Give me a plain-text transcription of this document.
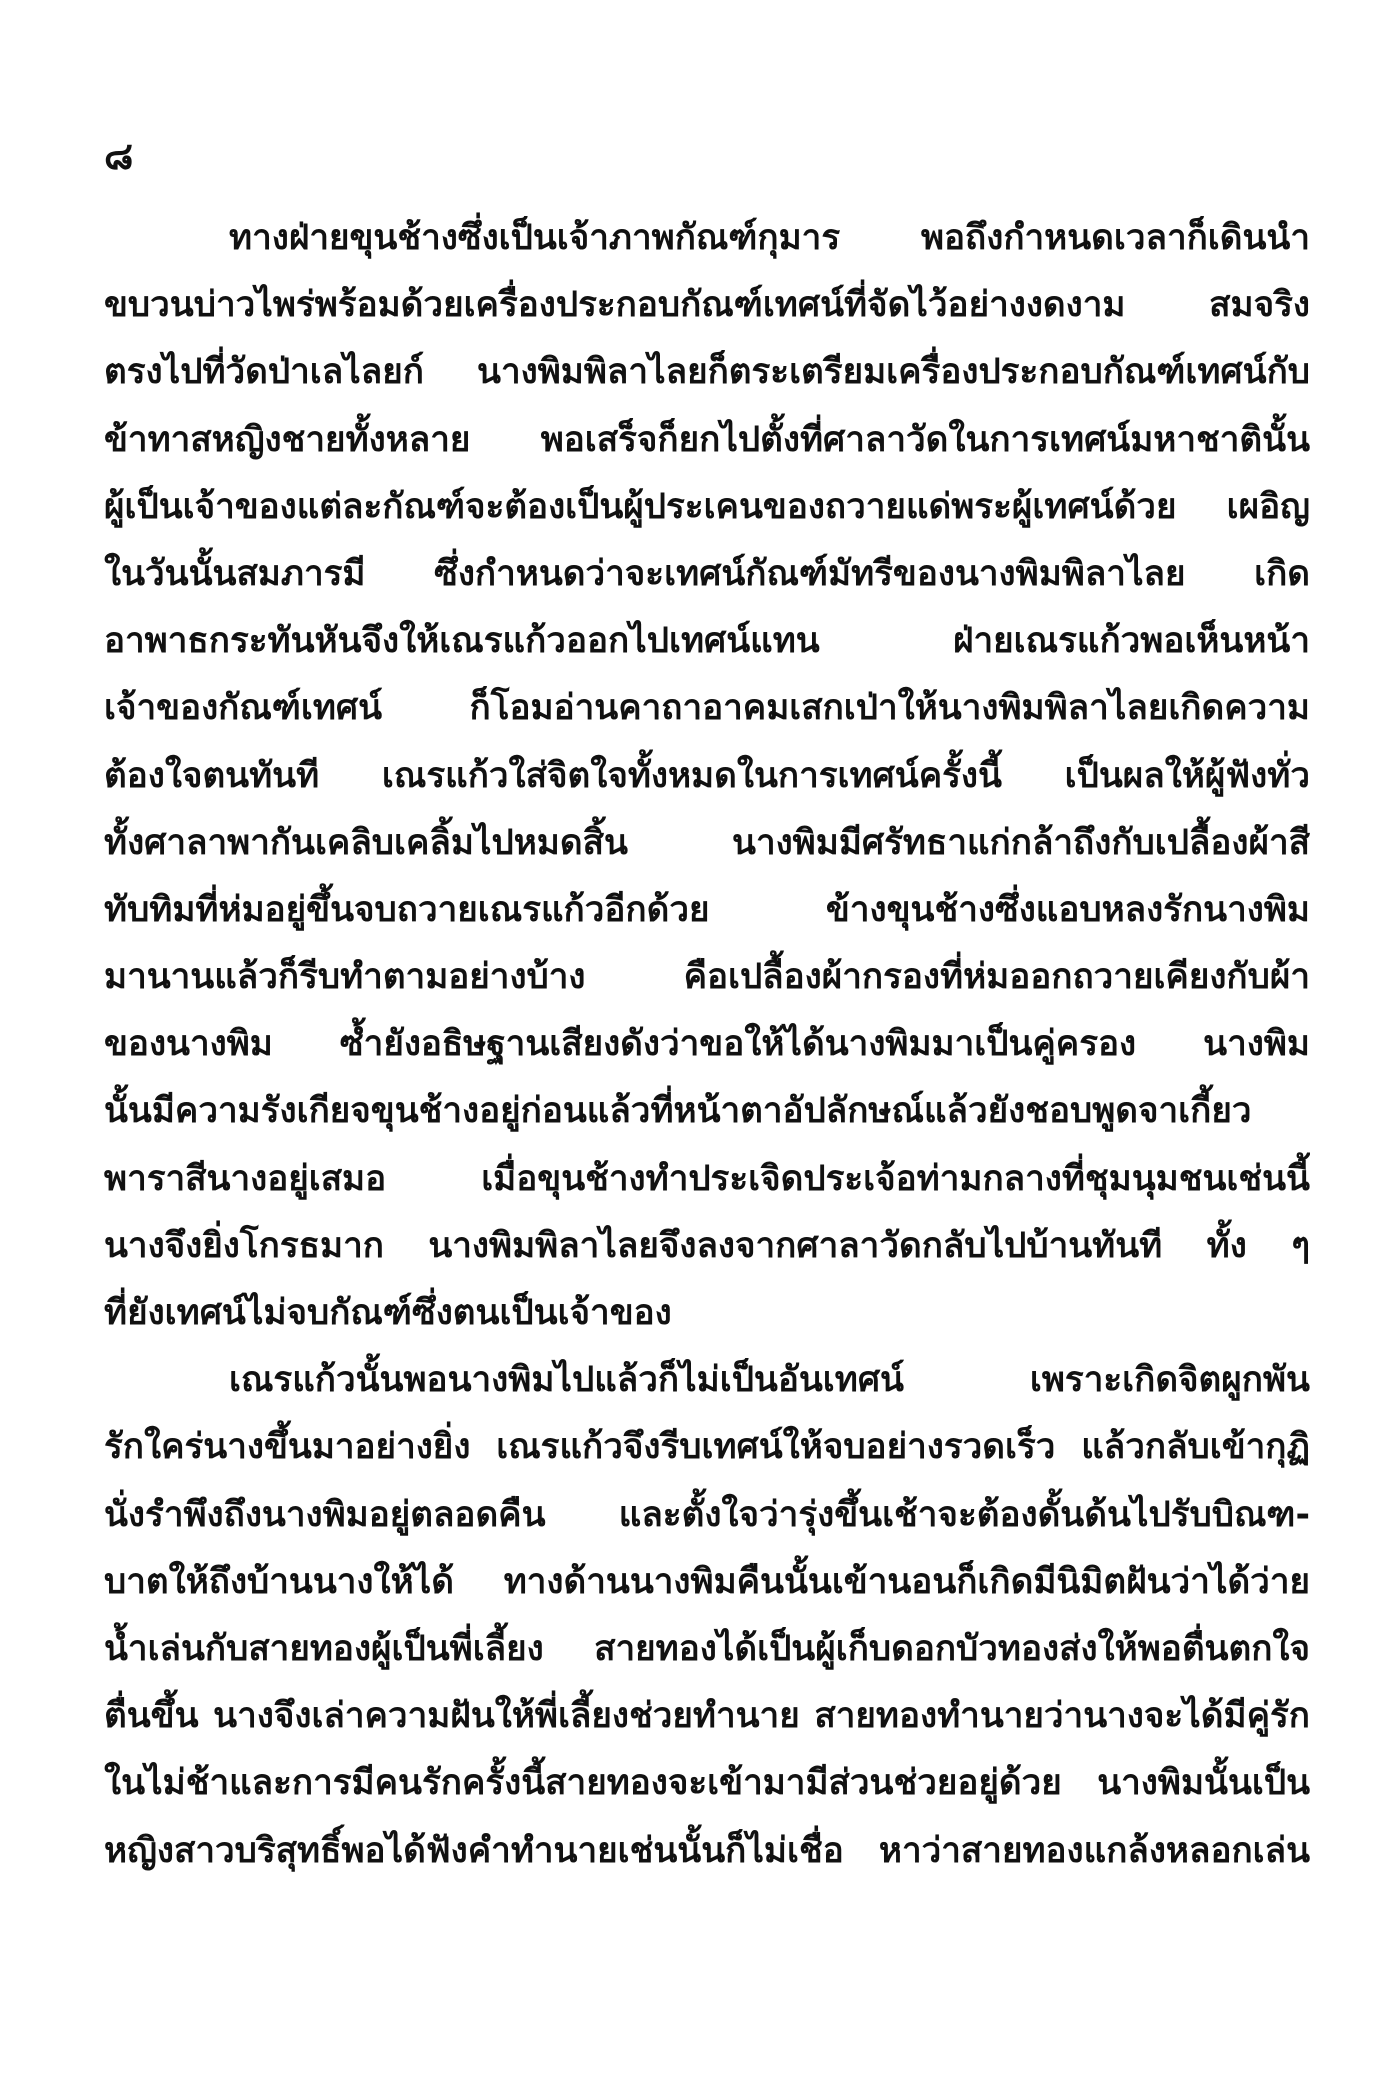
๘
ทางฝ่ายขุนช้างซึ่งเป็นเจ้าภาพกัณฑ์กุมาร พอถึงกำหนดเวลาก็เดินนำ
ขบวนบ่าวไพร่พร้อมด้วยเครื่องประกอบกัณฑ์เทศน์ที่จัดไว้อย่างงดงาม สมจริง
ตรงไปที่วัดป่าเลไลยก์ นางพิมพิลาไลยก็ตระเตรียมเครื่องประกอบกัณฑ์เทศน์กับ
ข้าทาสหญิงชายทั้งหลาย พอเสร็จก็ยกไปตั้งที่ศาลาวัดในการเทศน์มหาชาตินั้น
ผู้เป็นเจ้าของแต่ละกัณฑ์จะต้องเป็นผู้ประเคนของถวายแด่พระผู้เทศน์ด้วย เผอิญ
ในวันนั้นสมภารมี ซึ่งกำหนดว่าจะเทศน์กัณฑ์มัทรีของนางพิมพิลาไลย เกิด
อาพาธกระทันหันจึงให้เณรแก้วออกไปเทศน์แทน ฝ่ายเณรแก้วพอเห็นหน้า
เจ้าของกัณฑ์เทศน์ ก็โอมอ่านคาถาอาคมเสกเป่าให้นางพิมพิลาไลยเกิดความ
ต้องใจตนทันที เณรแก้วใส่จิตใจทั้งหมดในการเทศน์ครั้งนี้ เป็นผลให้ผู้ฟังทั่ว
ทั้งศาลาพากันเคลิบเคลิ้มไปหมดสิ้น นางพิมมีศรัทธาแก่กล้าถึงกับเปลื้องผ้าสี
ทับทิมที่ห่มอยู่ขึ้นจบถวายเณรแก้วอีกด้วย ข้างขุนช้างซึ่งแอบหลงรักนางพิม
มานานแล้วก็รีบทำตามอย่างบ้าง คือเปลื้องผ้ากรองที่ห่มออกถวายเคียงกับผ้า
ของนางพิม ซ้ำยังอธิษฐานเสียงดังว่าขอให้ได้นางพิมมาเป็นคู่ครอง นางพิม
นั้นมีความรังเกียจขุนช้างอยู่ก่อนแล้วที่หน้าตาอัปลักษณ์แล้วยังชอบพูดจาเกี้ยว
พาราสีนางอยู่เสมอ เมื่อขุนช้างทำประเจิดประเจ้อท่ามกลางที่ชุมนุมชนเช่นนี้
นางจึงยิ่งโกรธมาก นางพิมพิลาไลยจึงลงจากศาลาวัดกลับไปบ้านทันที ทั้ง ๆ
ที่ยังเทศน์ไม่จบกัณฑ์ซึ่งตนเป็นเจ้าของ
เณรแก้วนั้นพอนางพิมไปแล้วก็ไม่เป็นอันเทศน์ เพราะเกิดจิตผูกพัน
รักใคร่นางขึ้นมาอย่างยิ่ง เณรแก้วจึงรีบเทศน์ให้จบอย่างรวดเร็ว แล้วกลับเข้ากุฏิ
นั่งรำพึงถึงนางพิมอยู่ตลอดคืน และตั้งใจว่ารุ่งขึ้นเช้าจะต้องดั้นด้นไปรับบิณฑ-
บาตให้ถึงบ้านนางให้ได้ ทางด้านนางพิมคืนนั้นเข้านอนก็เกิดมีนิมิตฝันว่าได้ว่าย
น้ำเล่นกับสายทองผู้เป็นพี่เลี้ยง สายทองได้เป็นผู้เก็บดอกบัวทองส่งให้พอตื่นตกใจ
ตื่นขึ้น นางจึงเล่าความฝันให้พี่เลี้ยงช่วยทำนาย สายทองทำนายว่านางจะได้มีคู่รัก
ในไม่ช้าและการมีคนรักครั้งนี้สายทองจะเข้ามามีส่วนช่วยอยู่ด้วย นางพิมนั้นเป็น
หญิงสาวบริสุทธิ์พอได้ฟังคำทำนายเช่นนั้นก็ไม่เชื่อ หาว่าสายทองแกล้งหลอกเล่น
